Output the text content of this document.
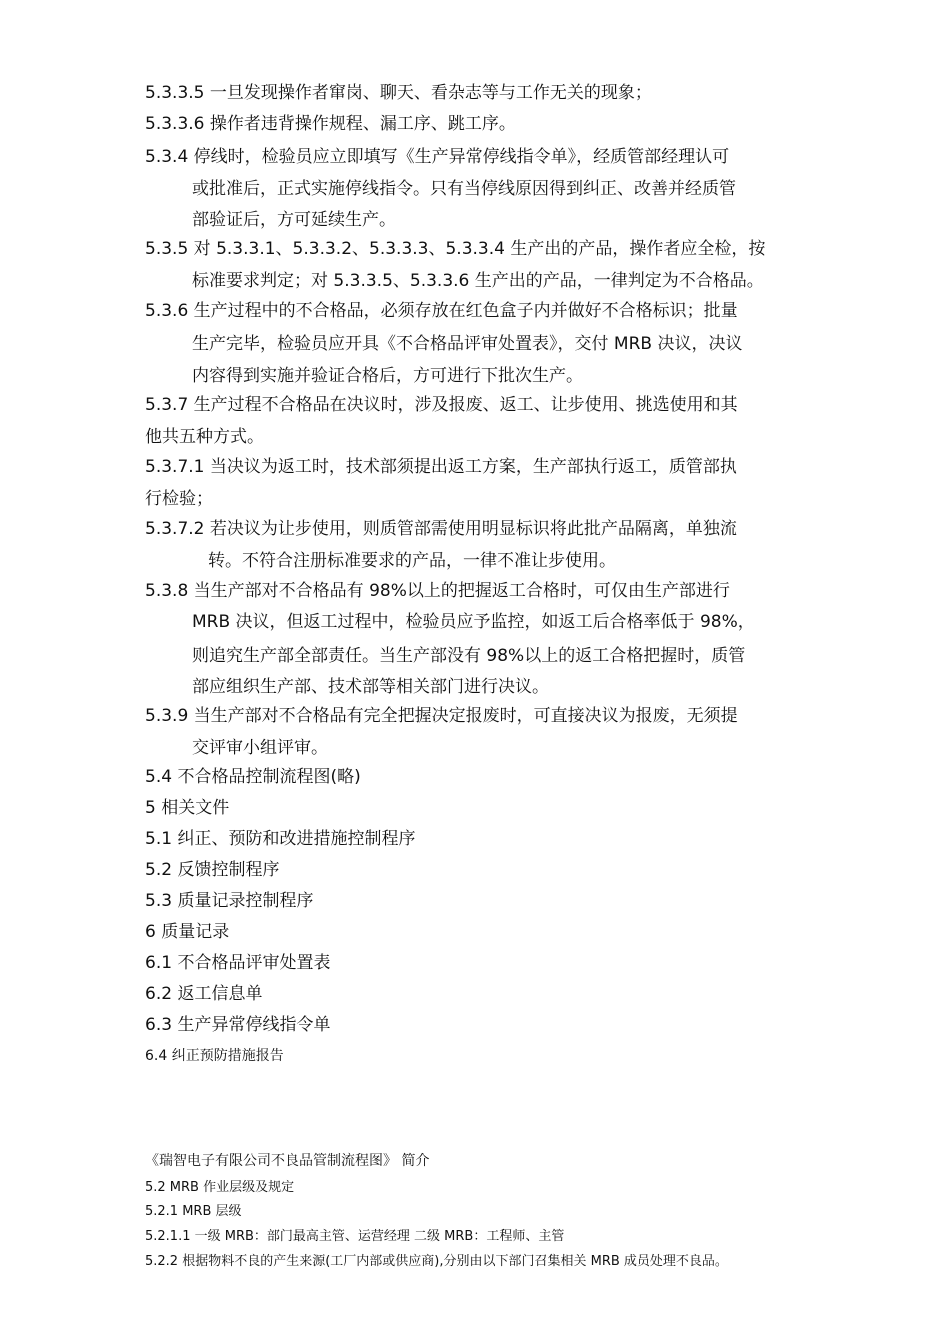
5.3.3.5 一旦发现操作者窜岗、聊天、看杂志等与工作无关的现象；
5.3.3.6 操作者违背操作规程、漏工序、跳工序。
5.3.4 停线时，检验员应立即填写《生产异常停线指令单》，经质管部经理认可
或批准后，正式实施停线指令。只有当停线原因得到纠正、改善并经质管
部验证后，方可延续生产。
5.3.5 对 5.3.3.1、5.3.3.2、5.3.3.3、5.3.3.4 生产出的产品，操作者应全检，按
标准要求判定；对 5.3.3.5、5.3.3.6 生产出的产品，一律判定为不合格品。
5.3.6 生产过程中的不合格品，必须存放在红色盒子内并做好不合格标识；批量
生产完毕，检验员应开具《不合格品评审处置表》，交付 MRB 决议，决议
内容得到实施并验证合格后，方可进行下批次生产。
5.3.7 生产过程不合格品在决议时，涉及报废、返工、让步使用、挑选使用和其
他共五种方式。
5.3.7.1 当决议为返工时，技术部须提出返工方案，生产部执行返工，质管部执
行检验；
5.3.7.2 若决议为让步使用，则质管部需使用明显标识将此批产品隔离，单独流
转。不符合注册标准要求的产品，一律不准让步使用。
5.3.8 当生产部对不合格品有 98%以上的把握返工合格时，可仅由生产部进行
MRB 决议，但返工过程中，检验员应予监控，如返工后合格率低于 98%，
则追究生产部全部责任。当生产部没有 98%以上的返工合格把握时，质管
部应组织生产部、技术部等相关部门进行决议。
5.3.9 当生产部对不合格品有完全把握决定报废时，可直接决议为报废，无须提
交评审小组评审。
5.4 不合格品控制流程图(略)
5 相关文件
5.1 纠正、预防和改进措施控制程序
5.2 反馈控制程序
5.3 质量记录控制程序
6 质量记录
6.1 不合格品评审处置表
6.2 返工信息单
6.3 生产异常停线指令单
6.4 纠正预防措施报告
《瑞智电子有限公司不良品管制流程图》 简介
5.2 MRB 作业层级及规定
5.2.1 MRB 层级
5.2.1.1 一级 MRB：部门最高主管、运营经理 二级 MRB：工程师、主管
5.2.2 根据物料不良的产生来源(工厂内部或供应商),分别由以下部门召集相关 MRB 成员处理不良品。
